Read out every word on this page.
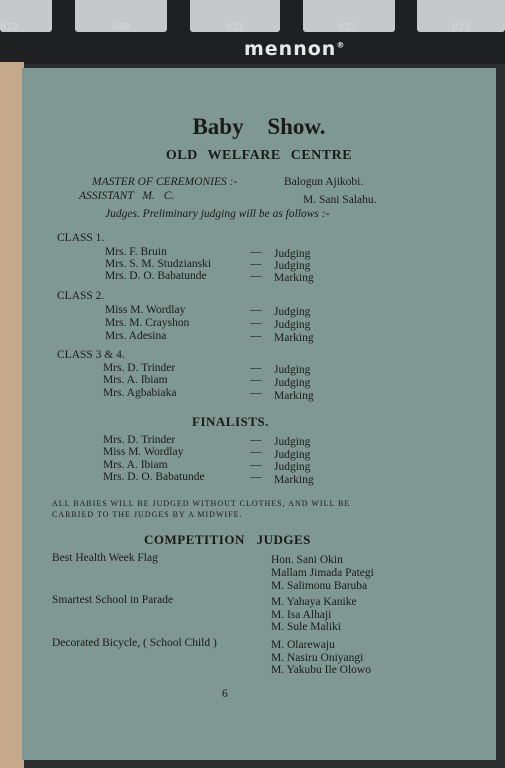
019	020	021	022	023
mennon®
Baby Show.
OLD WELFARE CENTRE
MASTER OF CEREMONIES :-	Balogun Ajikobi.
ASSISTANT M. C.	M. Sani Salahu.
Judges. Preliminary judging will be as follows :-
CLASS 1.
Mrs. F. Bruin	— Judging
Mrs. S. M. Studzianski	— Judging
Mrs. D. O. Babatunde	— Marking
CLASS 2.
Miss M. Wordlay	— Judging
Mrs. M. Crayshon	— Judging
Mrs. Adesina	— Marking
CLASS 3 & 4.
Mrs. D. Trinder	— Judging
Mrs. A. Ibiam	— Judging
Mrs. Agbabiaka	— Marking
FINALISTS.
Mrs. D. Trinder	— Judging
Miss M. Wordlay	— Judging
Mrs. A. Ibiam	— Judging
Mrs. D. O. Babatunde	— Marking
ALL BABIES WILL BE JUDGED WITHOUT CLOTHES, AND WILL BE
CARRIED TO THE JUDGES BY A MIDWIFE.
COMPETITION JUDGES
Best Health Week Flag	Hon. Sani Okin
Mallam Jimada Pategi
M. Salimonu Baruba
Smartest School in Parade	M. Yahaya Kanike
M. Isa Alhaji
M. Sule Maliki
Decorated Bicycle, ( School Child )	M. Olarewaju
M. Nasiru Oniyangi
M. Yakubu Ile Olowo
6
